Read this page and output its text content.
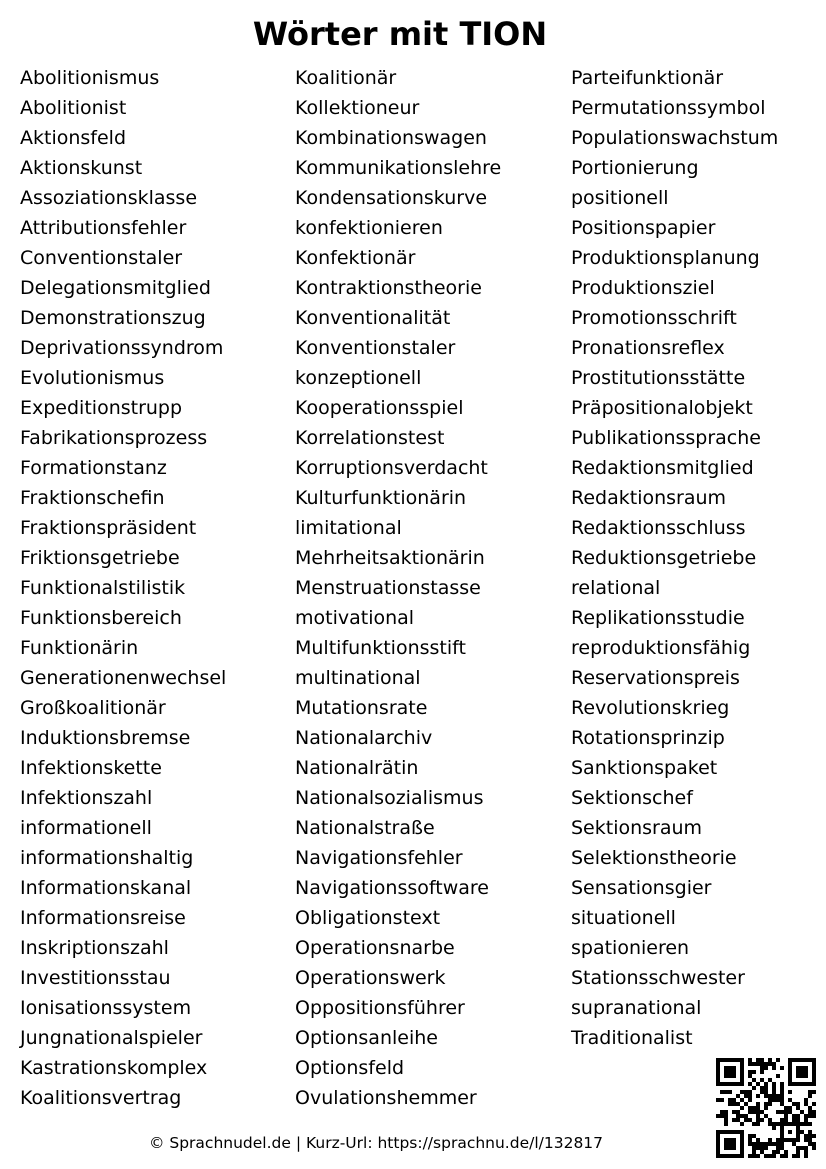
Wörter mit TION
Abolitionismus
Abolitionist
Aktionsfeld
Aktionskunst
Assoziationsklasse
Attributionsfehler
Conventionstaler
Delegationsmitglied
Demonstrationszug
Deprivationssyndrom
Evolutionismus
Expeditionstrupp
Fabrikationsprozess
Formationstanz
Fraktionschefin
Fraktionspräsident
Friktionsgetriebe
Funktionalstilistik
Funktionsbereich
Funktionärin
Generationenwechsel
Großkoalitionär
Induktionsbremse
Infektionskette
Infektionszahl
informationell
informationshaltig
Informationskanal
Informationsreise
Inskriptionszahl
Investitionsstau
Ionisationssystem
Jungnationalspieler
Kastrationskomplex
Koalitionsvertrag
Koalitionär
Kollektioneur
Kombinationswagen
Kommunikationslehre
Kondensationskurve
konfektionieren
Konfektionär
Kontraktionstheorie
Konventionalität
Konventionstaler
konzeptionell
Kooperationsspiel
Korrelationstest
Korruptionsverdacht
Kulturfunktionärin
limitational
Mehrheitsaktionärin
Menstruationstasse
motivational
Multifunktionsstift
multinational
Mutationsrate
Nationalarchiv
Nationalrätin
Nationalsozialismus
Nationalstraße
Navigationsfehler
Navigationssoftware
Obligationstext
Operationsnarbe
Operationswerk
Oppositionsführer
Optionsanleihe
Optionsfeld
Ovulationshemmer
Parteifunktionär
Permutationssymbol
Populationswachstum
Portionierung
positionell
Positionspapier
Produktionsplanung
Produktionsziel
Promotionsschrift
Pronationsreflex
Prostitutionsstätte
Präpositionalobjekt
Publikationssprache
Redaktionsmitglied
Redaktionsraum
Redaktionsschluss
Reduktionsgetriebe
relational
Replikationsstudie
reproduktionsfähig
Reservationspreis
Revolutionskrieg
Rotationsprinzip
Sanktionspaket
Sektionschef
Sektionsraum
Selektionstheorie
Sensationsgier
situationell
spationieren
Stationsschwester
supranational
Traditionalist
© Sprachnudel.de | Kurz-Url: https://sprachnu.de/l/132817
